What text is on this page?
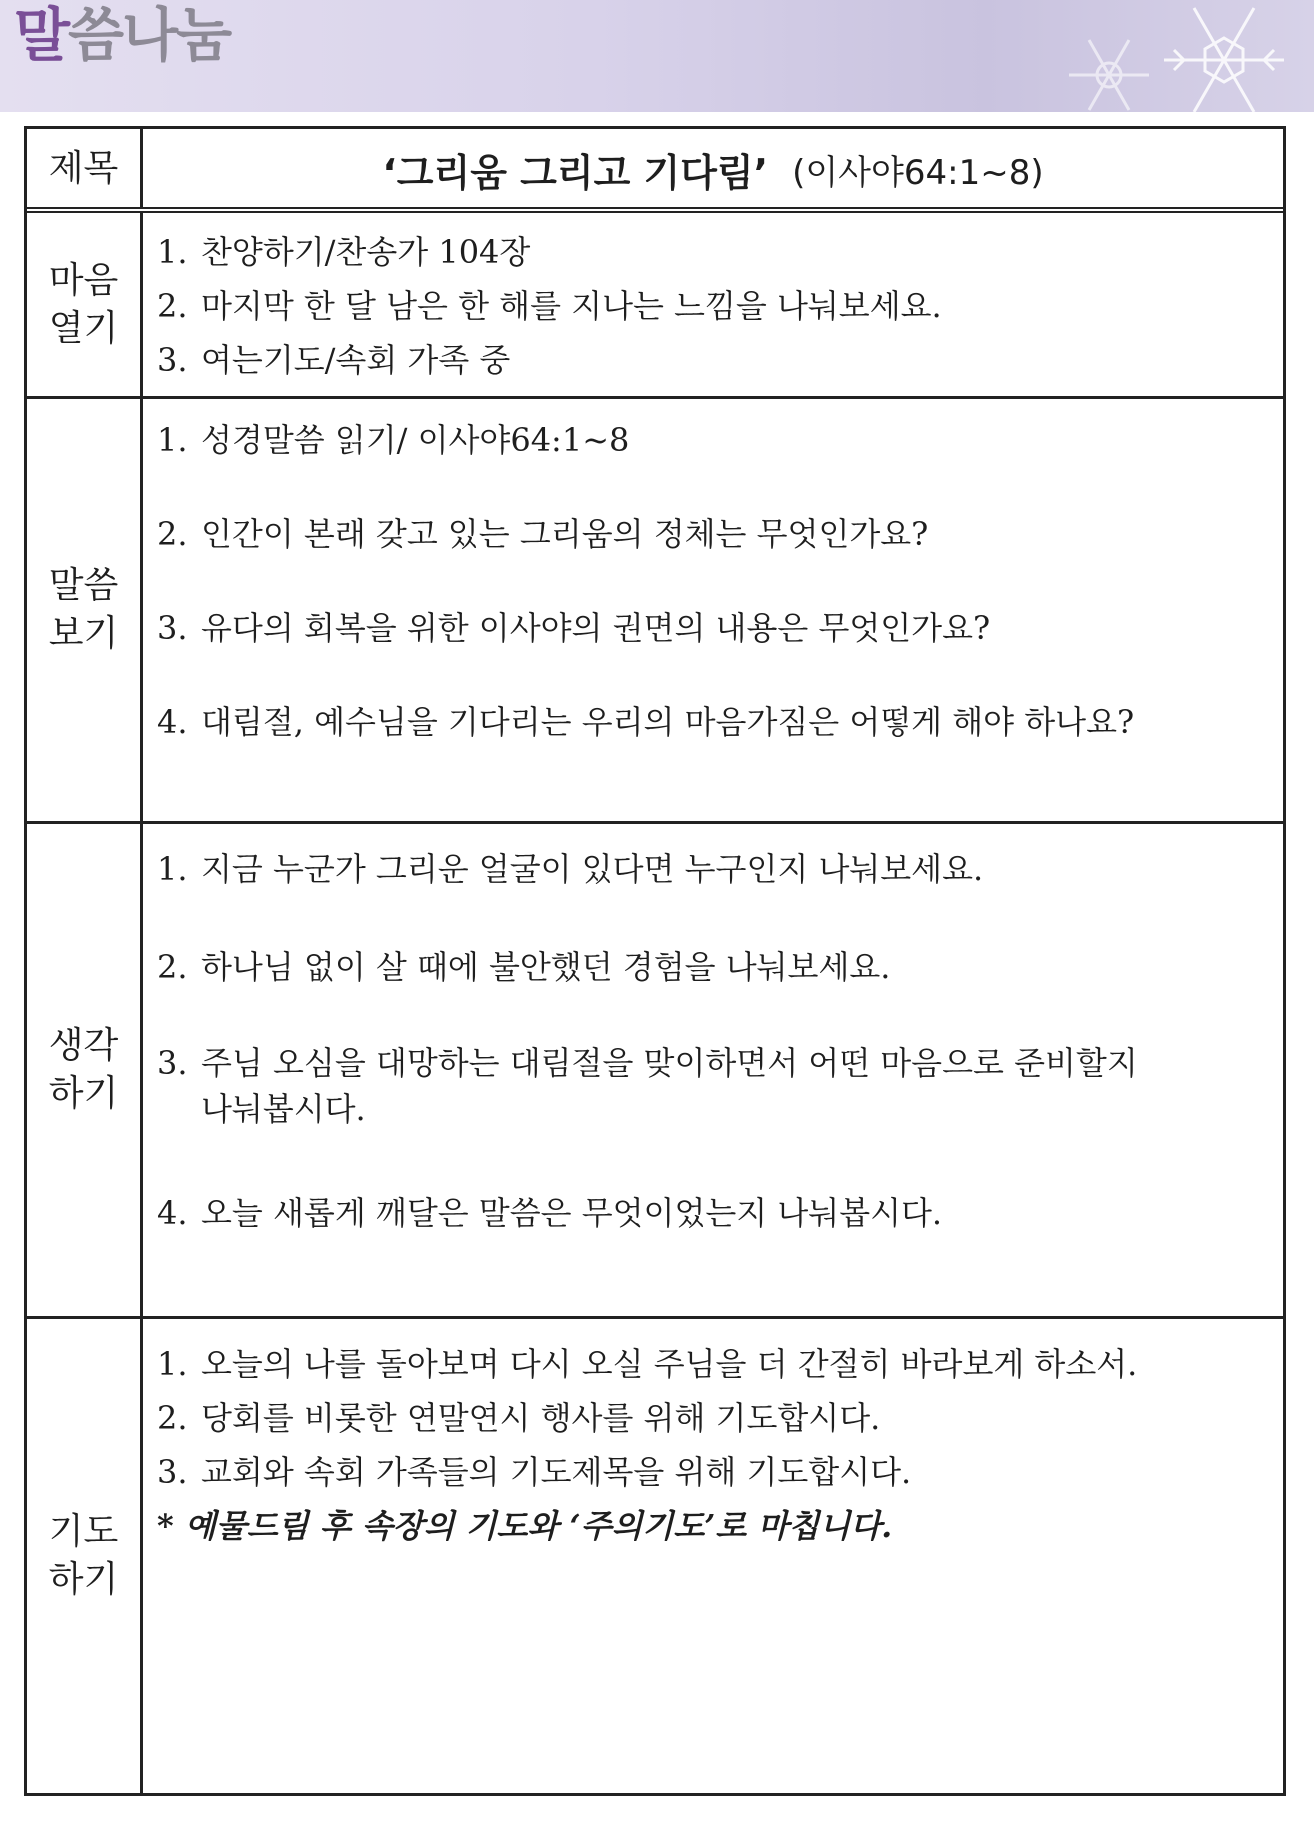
말씀나눔
제목	‘그리움 그리고 기다림’ (이사야64:1~8)
마음
열기
1. 찬양하기/찬송가 104장
2. 마지막 한 달 남은 한 해를 지나는 느낌을 나눠보세요.
3. 여는기도/속회 가족 중
말씀
보기
1. 성경말씀 읽기/ 이사야64:1~8
2. 인간이 본래 갖고 있는 그리움의 정체는 무엇인가요?
3. 유다의 회복을 위한 이사야의 권면의 내용은 무엇인가요?
4. 대림절, 예수님을 기다리는 우리의 마음가짐은 어떻게 해야 하나요?
생각
하기
1. 지금 누군가 그리운 얼굴이 있다면 누구인지 나눠보세요.
2. 하나님 없이 살 때에 불안했던 경험을 나눠보세요.
3. 주님 오심을 대망하는 대림절을 맞이하면서 어떤 마음으로 준비할지
나눠봅시다.
4. 오늘 새롭게 깨달은 말씀은 무엇이었는지 나눠봅시다.
기도
하기
1. 오늘의 나를 돌아보며 다시 오실 주님을 더 간절히 바라보게 하소서.
2. 당회를 비롯한 연말연시 행사를 위해 기도합시다.
3. 교회와 속회 가족들의 기도제목을 위해 기도합시다.
* 예물드림 후 속장의 기도와 ‘주의기도’로 마칩니다.
